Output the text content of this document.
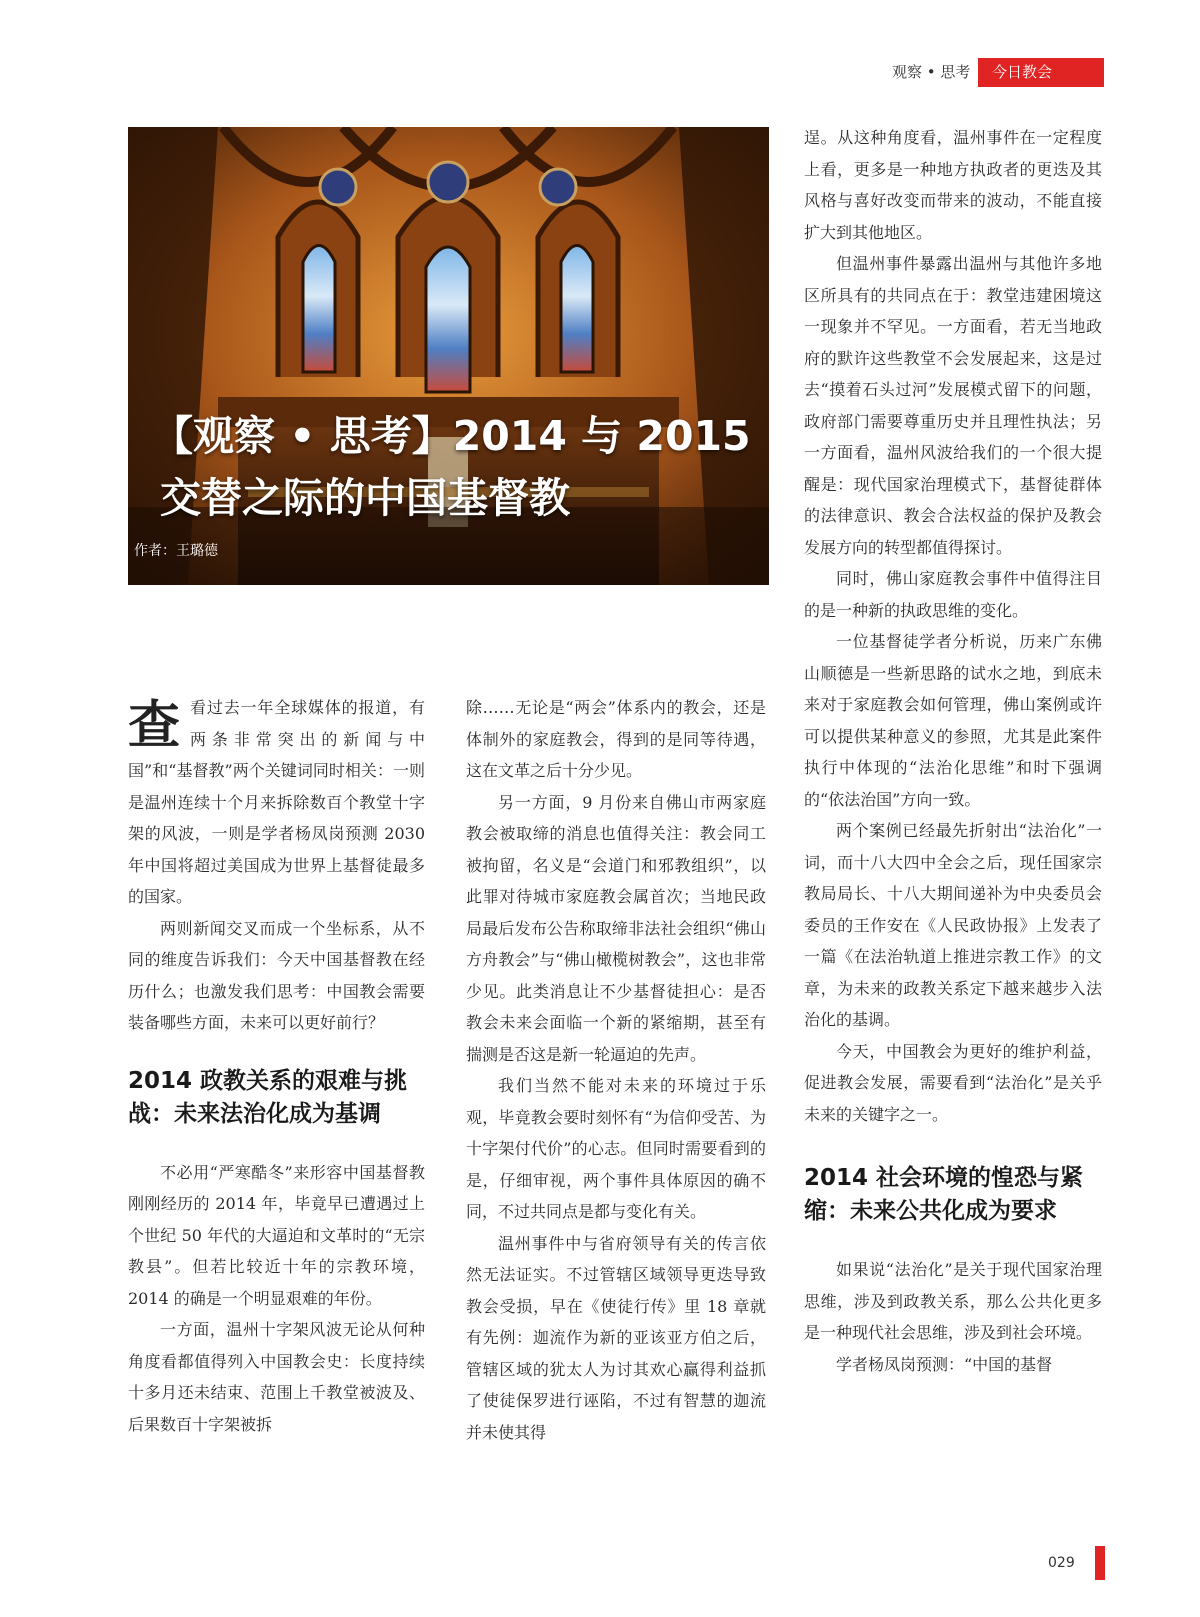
观察 • 思考	今日教会
【观察 • 思考】2014 与 2015
交替之际的中国基督教
作者：王璐德

查看过去一年全球媒体的报道，有两条非常突出的新闻与中国”和“基督教”两个关键词同时相关：一则是温州连续十个月来拆除数百个教堂十字架的风波，一则是学者杨凤岗预测 2030 年中国将超过美国成为世界上基督徒最多的国家。

两则新闻交叉而成一个坐标系，从不同的维度告诉我们：今天中国基督教在经历什么；也激发我们思考：中国教会需要装备哪些方面，未来可以更好前行？

2014 政教关系的艰难与挑战：未来法治化成为基调

不必用“严寒酷冬”来形容中国基督教刚刚经历的 2014 年，毕竟早已遭遇过上个世纪 50 年代的大逼迫和文革时的“无宗教县”。但若比较近十年的宗教环境，2014 的确是一个明显艰难的年份。

一方面，温州十字架风波无论从何种角度看都值得列入中国教会史：长度持续十多月还未结束、范围上千教堂被波及、后果数百十字架被拆

除……无论是“两会”体系内的教会，还是体制外的家庭教会，得到的是同等待遇，这在文革之后十分少见。

另一方面，9 月份来自佛山市两家庭教会被取缔的消息也值得关注：教会同工被拘留，名义是“会道门和邪教组织”，以此罪对待城市家庭教会属首次；当地民政局最后发布公告称取缔非法社会组织“佛山方舟教会”与“佛山橄榄树教会”，这也非常少见。此类消息让不少基督徒担心：是否教会未来会面临一个新的紧缩期，甚至有揣测是否这是新一轮逼迫的先声。

我们当然不能对未来的环境过于乐观，毕竟教会要时刻怀有“为信仰受苦、为十字架付代价”的心志。但同时需要看到的是，仔细审视，两个事件具体原因的确不同，不过共同点是都与变化有关。

温州事件中与省府领导有关的传言依然无法证实。不过管辖区域领导更迭导致教会受损，早在《使徒行传》里 18 章就有先例：迦流作为新的亚该亚方伯之后，管辖区域的犹太人为讨其欢心赢得利益抓了使徒保罗进行诬陷，不过有智慧的迦流并未使其得

逞。从这种角度看，温州事件在一定程度上看，更多是一种地方执政者的更迭及其风格与喜好改变而带来的波动，不能直接扩大到其他地区。

但温州事件暴露出温州与其他许多地区所具有的共同点在于：教堂违建困境这一现象并不罕见。一方面看，若无当地政府的默许这些教堂不会发展起来，这是过去“摸着石头过河”发展模式留下的问题，政府部门需要尊重历史并且理性执法；另一方面看，温州风波给我们的一个很大提醒是：现代国家治理模式下，基督徒群体的法律意识、教会合法权益的保护及教会发展方向的转型都值得探讨。

同时，佛山家庭教会事件中值得注目的是一种新的执政思维的变化。

一位基督徒学者分析说，历来广东佛山顺德是一些新思路的试水之地，到底未来对于家庭教会如何管理，佛山案例或许可以提供某种意义的参照，尤其是此案件执行中体现的“法治化思维”和时下强调的“依法治国”方向一致。

两个案例已经最先折射出“法治化”一词，而十八大四中全会之后，现任国家宗教局局长、十八大期间递补为中央委员会委员的王作安在《人民政协报》上发表了一篇《在法治轨道上推进宗教工作》的文章，为未来的政教关系定下越来越步入法治化的基调。

今天，中国教会为更好的维护利益，促进教会发展，需要看到“法治化”是关乎未来的关键字之一。

2014 社会环境的惶恐与紧缩：未来公共化成为要求

如果说“法治化”是关于现代国家治理思维，涉及到政教关系，那么公共化更多是一种现代社会思维，涉及到社会环境。

学者杨凤岗预测：“中国的基督

029
